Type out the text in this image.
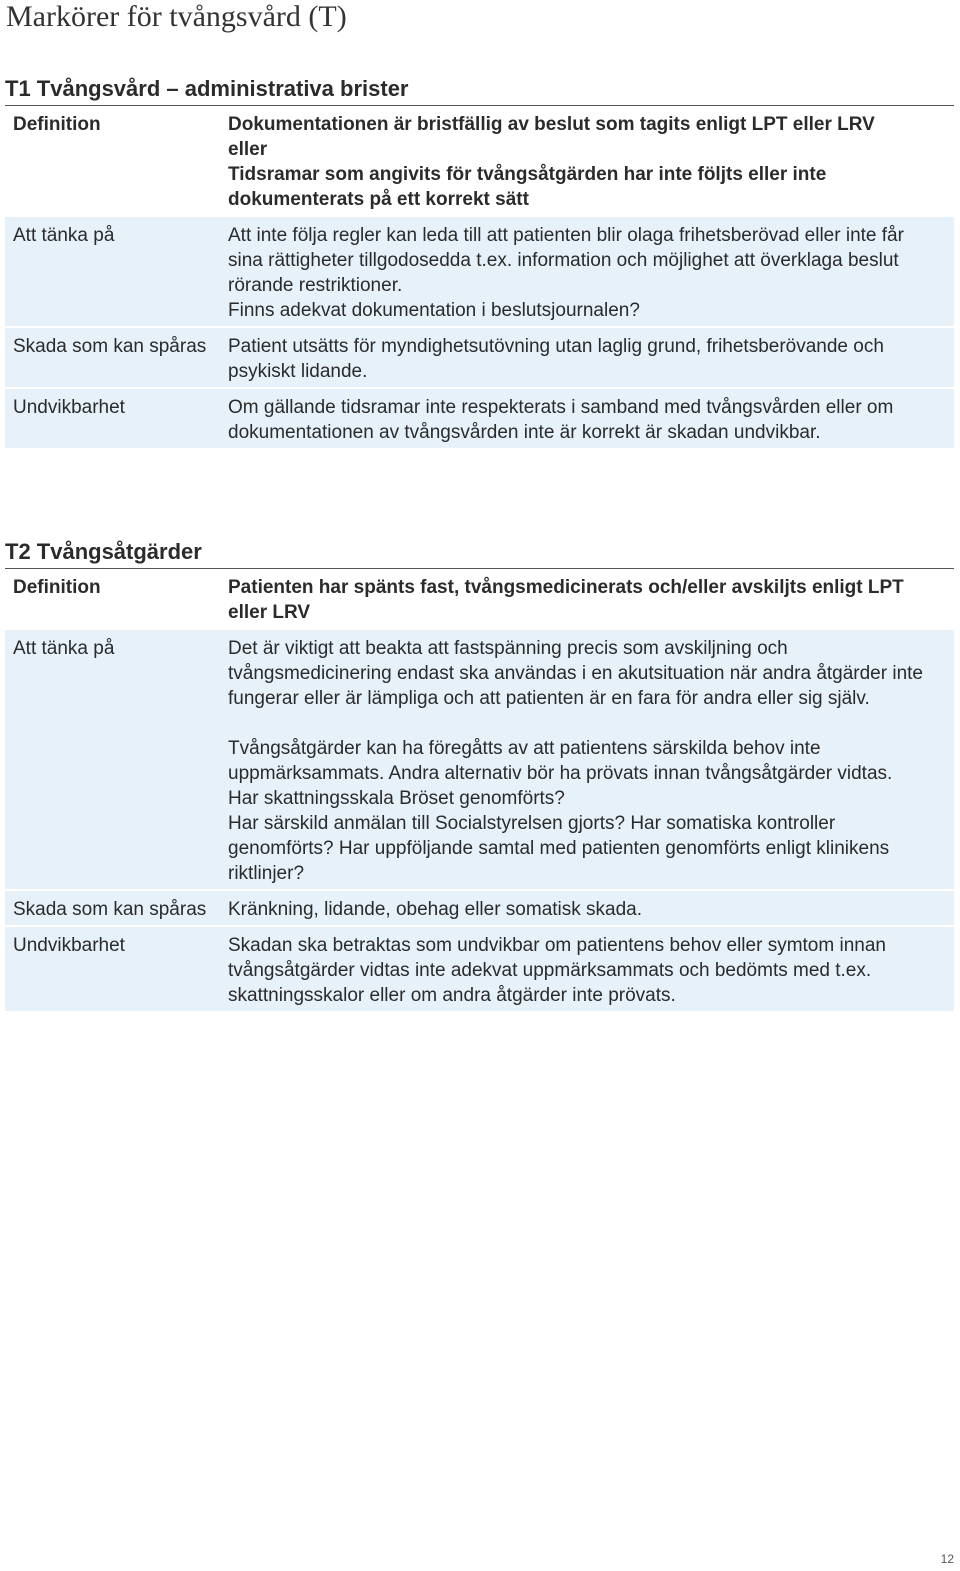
Markörer för tvångsvård (T)
T1 Tvångsvård – administrativa brister
Definition	Dokumentationen är bristfällig av beslut som tagits enligt LPT eller LRV

eller

Tidsramar som angivits för tvångsåtgärden har inte följts eller inte dokumenterats på ett korrekt sätt

Att tänka på	Att inte följa regler kan leda till att patienten blir olaga frihetsberövad eller inte får sina rättigheter tillgodosedda t.ex. information och möjlighet att överklaga beslut rörande restriktioner.

Finns adekvat dokumentation i beslutsjournalen?

Skada som kan spåras	Patient utsätts för myndighetsutövning utan laglig grund, frihetsberövande och psykiskt lidande.

Undvikbarhet	Om gällande tidsramar inte respekterats i samband med tvångsvården eller om dokumentationen av tvångsvården inte är korrekt är skadan undvikbar.

T2 Tvångsåtgärder
Definition	Patienten har spänts fast, tvångsmedicinerats och/eller avskiljts enligt LPT eller LRV

Att tänka på	Det är viktigt att beakta att fastspänning precis som avskiljning och tvångsmedicinering endast ska användas i en akutsituation när andra åtgärder inte fungerar eller är lämpliga och att patienten är en fara för andra eller sig själv.

Tvångsåtgärder kan ha föregåtts av att patientens särskilda behov inte uppmärksammats. Andra alternativ bör ha prövats innan tvångsåtgärder vidtas.

Har skattningsskala Bröset genomförts?

Har särskild anmälan till Socialstyrelsen gjorts? Har somatiska kontroller genomförts? Har uppföljande samtal med patienten genomförts enligt klinikens riktlinjer?

Skada som kan spåras	Kränkning, lidande, obehag eller somatisk skada.

Undvikbarhet	Skadan ska betraktas som undvikbar om patientens behov eller symtom innan tvångsåtgärder vidtas inte adekvat uppmärksammats och bedömts med t.ex. skattningsskalor eller om andra åtgärder inte prövats.

12
